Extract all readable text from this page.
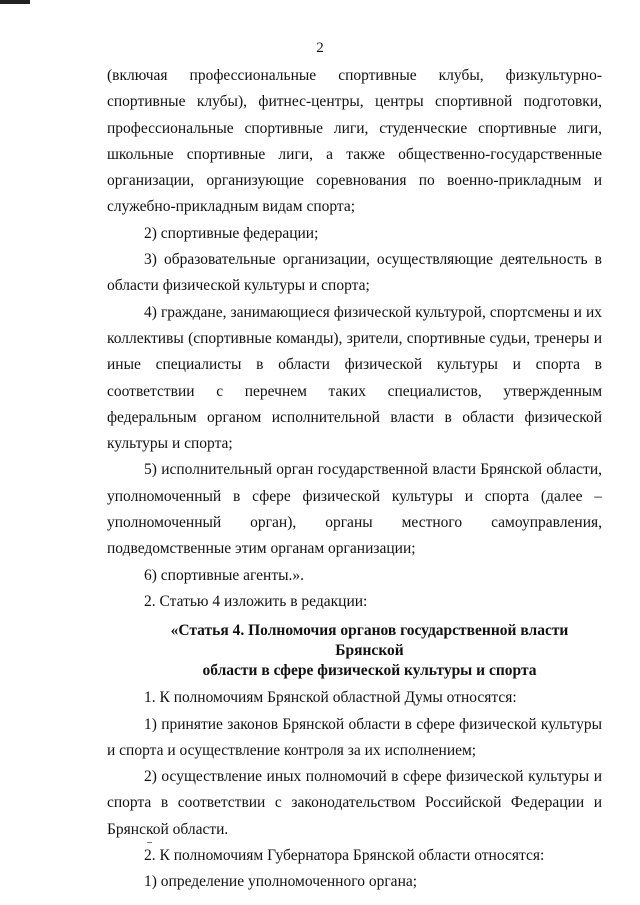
2

(включая профессиональные спортивные клубы, физкультурно-спортивные клубы), фитнес-центры, центры спортивной подготовки, профессиональные спортивные лиги, студенческие спортивные лиги, школьные спортивные лиги, а также общественно-государственные организации, организующие соревнования по военно-прикладным и служебно-прикладным видам спорта;

2) спортивные федерации;

3) образовательные организации, осуществляющие деятельность в области физической культуры и спорта;

4) граждане, занимающиеся физической культурой, спортсмены и их коллективы (спортивные команды), зрители, спортивные судьи, тренеры и иные специалисты в области физической культуры и спорта в соответствии с перечнем таких специалистов, утвержденным федеральным органом исполнительной власти в области физической культуры и спорта;

5) исполнительный орган государственной власти Брянской области, уполномоченный в сфере физической культуры и спорта (далее – уполномоченный орган), органы местного самоуправления, подведомственные этим органам организации;

6) спортивные агенты.».

2. Статью 4 изложить в редакции:

«Статья 4. Полномочия органов государственной власти Брянской
области в сфере физической культуры и спорта

1. К полномочиям Брянской областной Думы относятся:

1) принятие законов Брянской области в сфере физической культуры и спорта и осуществление контроля за их исполнением;

2) осуществление иных полномочий в сфере физической культуры и спорта в соответствии с законодательством Российской Федерации и Брянской области.

2. К полномочиям Губернатора Брянской области относятся:

1) определение уполномоченного органа;
